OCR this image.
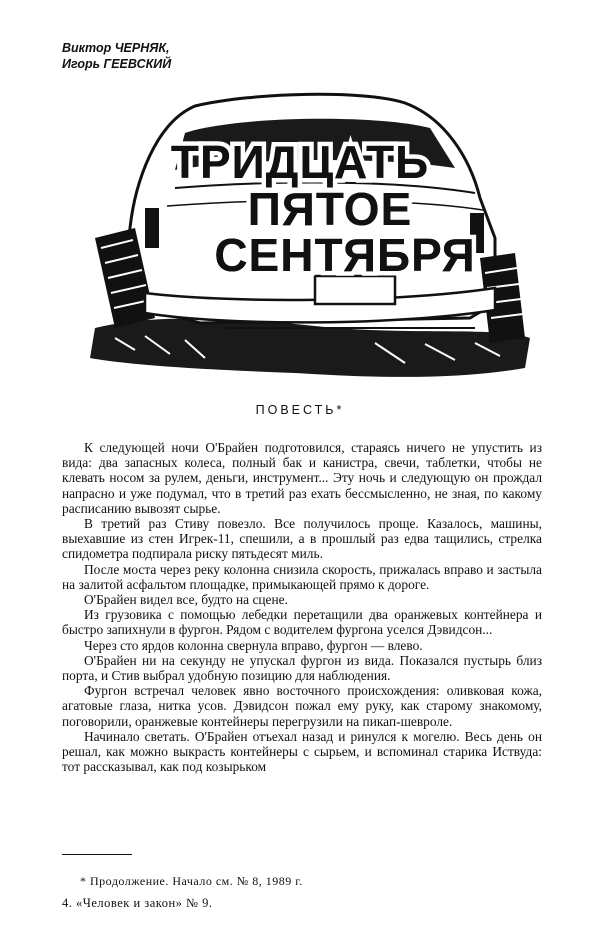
Виктор ЧЕРНЯК,
Игорь ГЕЕВСКИЙ
ТРИДЦАТЬ
ПЯТОЕ
СЕНТЯБРЯ
ПОВЕСТЬ*

К следующей ночи О'Брайен подготовился, стараясь ничего не упустить из вида: два запасных колеса, полный бак и канистра, свечи, таблетки, чтобы не клевать носом за рулем, деньги, инструмент... Эту ночь и следующую он прождал напрасно и уже подумал, что в третий раз ехать бессмысленно, не зная, по какому расписанию вывозят сырье.

В третий раз Стиву повезло. Все получилось проще. Казалось, машины, выехавшие из стен Игрек-11, спешили, а в прошлый раз едва тащились, стрелка спидометра подпирала риску пятьдесят миль.

После моста через реку колонна снизила скорость, прижалась вправо и застыла на залитой асфальтом площадке, примыкающей прямо к дороге.

О'Брайен видел все, будто на сцене.

Из грузовика с помощью лебедки перетащили два оранжевых контейнера и быстро запихнули в фургон. Рядом с водителем фургона уселся Дэвидсон...

Через сто ярдов колонна свернула вправо, фургон — влево.

О'Брайен ни на секунду не упускал фургон из вида. Показался пустырь близ порта, и Стив выбрал удобную позицию для наблюдения.

Фургон встречал человек явно восточного происхождения: оливковая кожа, агатовые глаза, нитка усов. Дэвидсон пожал ему руку, как старому знакомому, поговорили, оранжевые контейнеры перегрузили на пикап-шевроле.

Начинало светать. О'Брайен отъехал назад и ринулся к могелю. Весь день он решал, как можно выкрасть контейнеры с сырьем, и вспоминал старика Иствуда: тот рассказывал, как под козырьком

* Продолжение. Начало см. № 8, 1989 г.
4. «Человек и закон» № 9.
